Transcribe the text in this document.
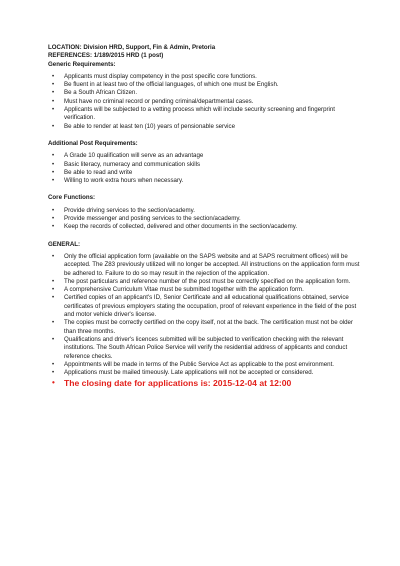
LOCATION: Division HRD, Support, Fin & Admin, Pretoria

REFERENCES: 1/189/2015 HRD (1 post)

Generic Requirements:

• Applicants must display competency in the post specific core functions.
• Be fluent in at least two of the official languages, of which one must be English.
• Be a South African Citizen.
• Must have no criminal record or pending criminal/departmental cases.
• Applicants will be subjected to a vetting process which will include security screening and fingerprint verification.
• Be able to render at least ten (10) years of pensionable service

Additional Post Requirements:

• A Grade 10 qualification will serve as an advantage
• Basic literacy, numeracy and communication skills
• Be able to read and write
• Willing to work extra hours when necessary.

Core Functions:

• Provide driving services to the section/academy.
• Provide messenger and posting services to the section/academy.
• Keep the records of collected, delivered and other documents in the section/academy.

GENERAL:

• Only the official application form (available on the SAPS website and at SAPS recruitment offices) will be accepted. The Z83 previously utilized will no longer be accepted. All instructions on the application form must be adhered to. Failure to do so may result in the rejection of the application.
• The post particulars and reference number of the post must be correctly specified on the application form.
• A comprehensive Curriculum Vitae must be submitted together with the application form.
• Certified copies of an applicant's ID, Senior Certificate and all educational qualifications obtained, service certificates of previous employers stating the occupation, proof of relevant experience in the field of the post and motor vehicle driver's license.
• The copies must be correctly certified on the copy itself, not at the back. The certification must not be older than three months.
• Qualifications and driver's licences submitted will be subjected to verification checking with the relevant institutions. The South African Police Service will verify the residential address of applicants and conduct reference checks.
• Appointments will be made in terms of the Public Service Act as applicable to the post environment.
• Applications must be mailed timeously. Late applications will not be accepted or considered.
• The closing date for applications is: 2015-12-04 at 12:00
